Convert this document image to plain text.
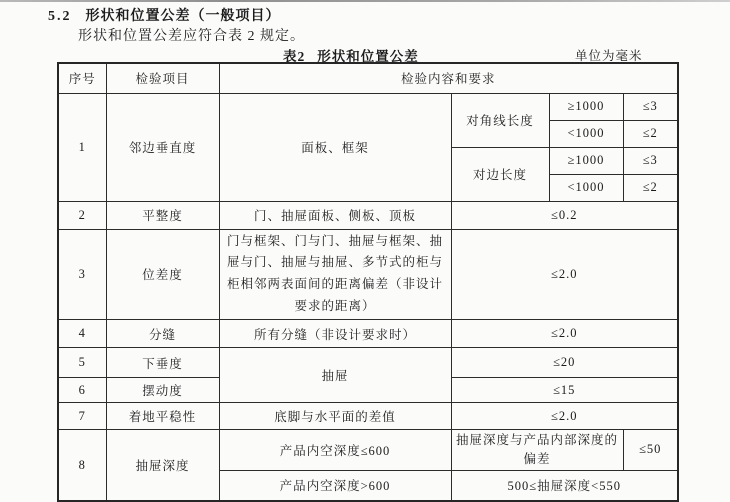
5.2 形状和位置公差（一般项目）
形状和位置公差应符合表 2 规定。
表2 形状和位置公差	单位为毫米
序号	检验项目	检验内容和要求			
1	邻边垂直度	面板、框架	对角线长度	≥1000	≤3
				<1000	≤2
			对边长度	≥1000	≤3
				<1000	≤2
2	平整度	门、抽屉面板、侧板、顶板	≤0.2		
3	位差度	门与框架、门与门、抽屉与框架、抽屉与门、抽屉与抽屉、多节式的柜与柜相邻两表面间的距离偏差（非设计要求的距离）	≤2.0		
4	分缝	所有分缝（非设计要求时）	≤2.0		
5	下垂度	抽屉	≤20		
6	摆动度		≤15		
7	着地平稳性	底脚与水平面的差值	≤2.0		
8	抽屉深度	产品内空深度≤600	抽屉深度与产品内部深度的偏差		≤50
		产品内空深度>600	500≤抽屉深度<550		
